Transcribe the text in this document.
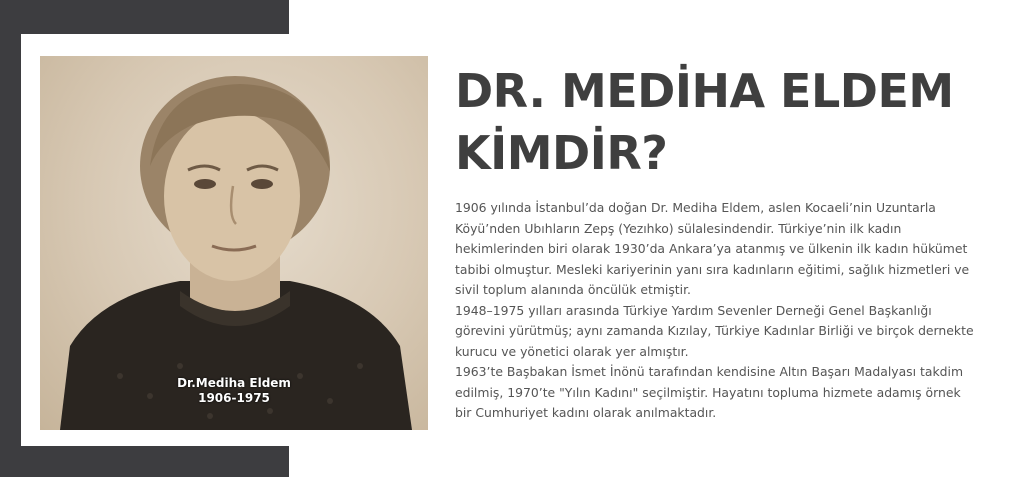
Dr.Mediha Eldem
1906-1975
DR. MEDİHA ELDEM
KİMDİR?

1906 yılında İstanbul’da doğan Dr. Mediha Eldem, aslen Kocaeli’nin Uzuntarla Köyü’nden Ubıhların Zepş (Yezıhko) sülalesindendir. Türkiye’nin ilk kadın hekimlerinden biri olarak 1930’da Ankara’ya atanmış ve ülkenin ilk kadın hükümet tabibi olmuştur. Mesleki kariyerinin yanı sıra kadınların eğitimi, sağlık hizmetleri ve sivil toplum alanında öncülük etmiştir.

1948–1975 yılları arasında Türkiye Yardım Sevenler Derneği Genel Başkanlığı görevini yürütmüş; aynı zamanda Kızılay, Türkiye Kadınlar Birliği ve birçok dernekte kurucu ve yönetici olarak yer almıştır.

1963’te Başbakan İsmet İnönü tarafından kendisine Altın Başarı Madalyası takdim edilmiş, 1970’te "Yılın Kadını" seçilmiştir. Hayatını topluma hizmete adamış örnek bir Cumhuriyet kadını olarak anılmaktadır.
